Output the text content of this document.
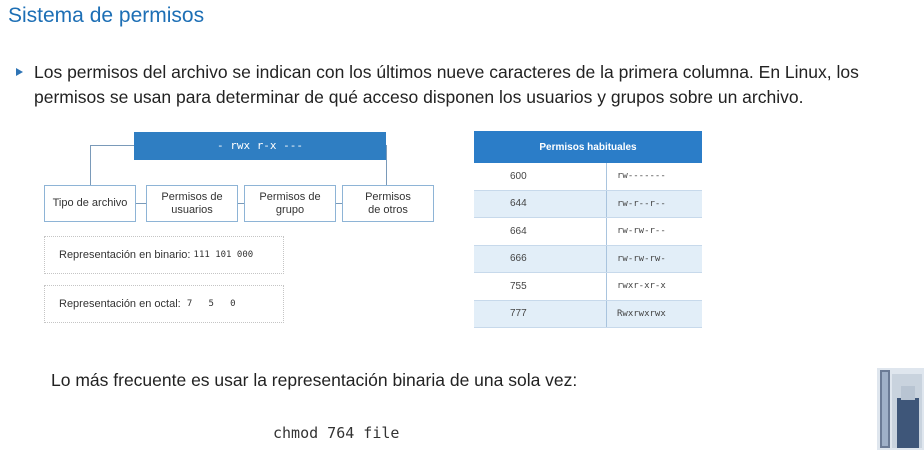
Sistema de permisos
Los permisos del archivo se indican con los últimos nueve caracteres de la primera columna. En Linux, los permisos se usan para determinar de qué acceso disponen los usuarios y grupos sobre un archivo.
- rwx r-x ---
Tipo de archivo
Permisos de usuarios
Permisos de grupo
Permisos de otros
Representación en binario:
111 101 000
Representación en octal:
7   5   0
Permisos habituales	
600	rw-------
644	rw-r--r--
664	rw-rw-r--
666	rw-rw-rw-
755	rwxr-xr-x
777	Rwxrwxrwx
Lo más frecuente es usar la representación binaria de una sola vez:
chmod 764 file
